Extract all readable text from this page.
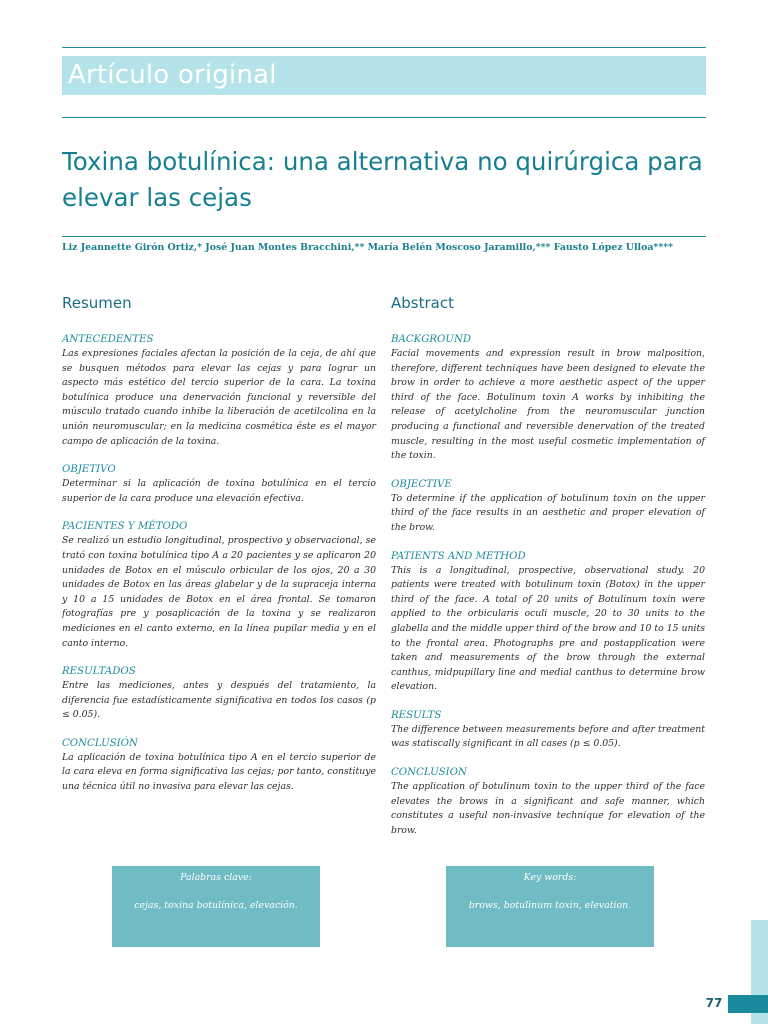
Artículo original
Toxina botulínica: una alternativa no quirúrgica para elevar las cejas
Liz Jeannette Girón Ortiz,* José Juan Montes Bracchini,** María Belén Moscoso Jaramillo,*** Fausto López Ulloa****
Resumen

ANTECEDENTES

Las expresiones faciales afectan la posición de la ceja, de ahí que se busquen métodos para elevar las cejas y para lograr un aspecto más estético del tercio superior de la cara. La toxina botulínica produce una denervación funcional y reversible del músculo tratado cuando inhibe la liberación de acetilcolina en la unión neuromuscular; en la medicina cosmética éste es el mayor campo de aplicación de la toxina.

OBJETIVO

Determinar si la aplicación de toxina botulínica en el tercio superior de la cara produce una elevación efectiva.

PACIENTES Y MÉTODO

Se realizó un estudio longitudinal, prospectivo y observacional, se trató con toxina botulínica tipo A a 20 pacientes y se aplicaron 20 unidades de Botox en el músculo orbicular de los ojos, 20 a 30 unidades de Botox en las áreas glabelar y de la supraceja interna y 10 a 15 unidades de Botox en el área frontal. Se tomaron fotografías pre y posaplicación de la toxina y se realizaron mediciones en el canto externo, en la línea pupilar media y en el canto interno.

RESULTADOS

Entre las mediciones, antes y después del tratamiento, la diferencia fue estadísticamente significativa en todos los casos (p ≤ 0.05).

CONCLUSIÓN

La aplicación de toxina botulínica tipo A en el tercio superior de la cara eleva en forma significativa las cejas; por tanto, constituye una técnica útil no invasiva para elevar las cejas.

Abstract

BACKGROUND

Facial movements and expression result in brow malposition, therefore, different techniques have been designed to elevate the brow in order to achieve a more aesthetic aspect of the upper third of the face. Botulinum toxin A works by inhibiting the release of acetylcholine from the neuromuscular junction producing a functional and reversible denervation of the treated muscle, resulting in the most useful cosmetic implementation of the toxin.

OBJECTIVE

To determine if the application of botulinum toxin on the upper third of the face results in an aesthetic and proper elevation of the brow.

PATIENTS AND METHOD

This is a longitudinal, prospective, observational study. 20 patients were treated with botulinum toxin (Botox) in the upper third of the face. A total of 20 units of Botulinum toxin were applied to the orbicularis oculi muscle, 20 to 30 units to the glabella and the middle upper third of the brow and 10 to 15 units to the frontal area. Photographs pre and postapplication were taken and measurements of the brow through the external canthus, midpupillary line and medial canthus to determine brow elevation.

RESULTS

The difference between measurements before and after treatment was statiscally significant in all cases (p ≤ 0.05).

CONCLUSION

The application of botulinum toxin to the upper third of the face elevates the brows in a significant and safe manner, which constitutes a useful non-invasive technique for elevation of the brow.

Palabras clave:
cejas, toxina botulínica, elevación.
Key words:
brows, botulinum toxin, elevation.
77
